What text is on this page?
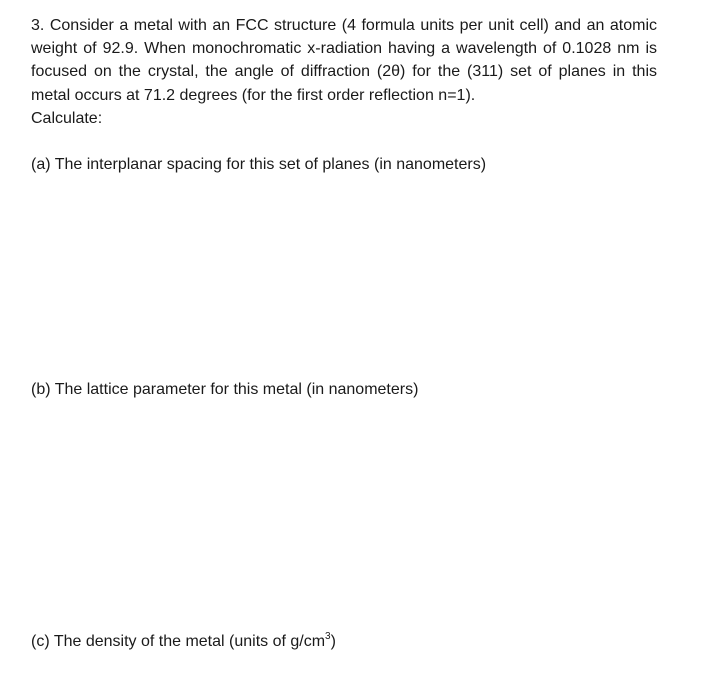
3. Consider a metal with an FCC structure (4 formula units per unit cell) and an atomic weight of 92.9. When monochromatic x-radiation having a wavelength of 0.1028 nm is focused on the crystal, the angle of diffraction (2θ) for the (311) set of planes in this metal occurs at 71.2 degrees (for the first order reflection n=1).
Calculate:

(a) The interplanar spacing for this set of planes (in nanometers)

(b) The lattice parameter for this metal (in nanometers)

(c) The density of the metal (units of $g/cm^3$)
